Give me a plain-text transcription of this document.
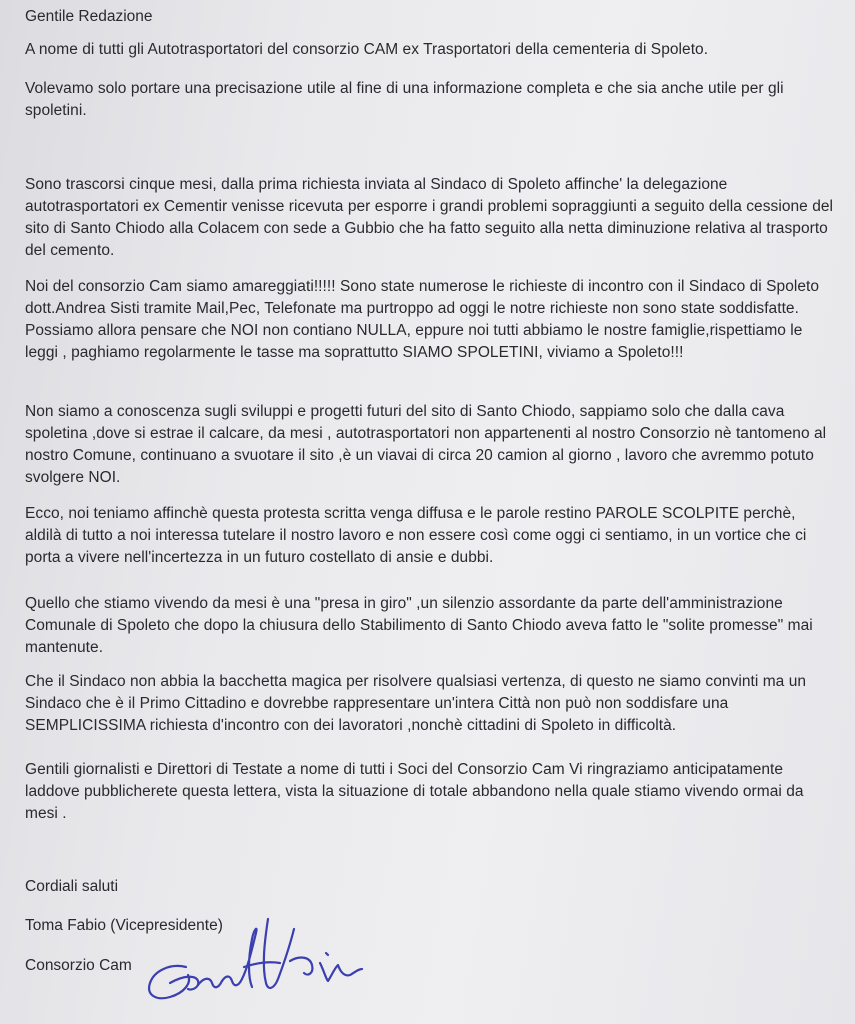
Gentile Redazione

A nome di tutti gli Autotrasportatori del consorzio CAM ex Trasportatori della cementeria di Spoleto.

Volevamo solo portare una precisazione utile al fine di una informazione completa e che sia anche utile per gli spoletini.

Sono trascorsi cinque mesi, dalla prima richiesta inviata al Sindaco di Spoleto affinche' la delegazione autotrasportatori ex Cementir venisse ricevuta per esporre i grandi problemi sopraggiunti a seguito della cessione del sito di Santo Chiodo alla Colacem con sede a Gubbio che ha fatto seguito alla netta diminuzione relativa al trasporto del cemento.

Noi del consorzio Cam siamo amareggiati!!!!! Sono state numerose le richieste di incontro con il Sindaco di Spoleto dott.Andrea Sisti tramite Mail,Pec, Telefonate ma purtroppo ad oggi le notre richieste non sono state soddisfatte. Possiamo allora pensare che NOI non contiano NULLA, eppure noi tutti abbiamo le nostre famiglie,rispettiamo le leggi , paghiamo regolarmente le tasse ma soprattutto SIAMO SPOLETINI, viviamo a Spoleto!!!

Non siamo a conoscenza sugli sviluppi e progetti futuri del sito di Santo Chiodo, sappiamo solo che dalla cava spoletina ,dove si estrae il calcare, da mesi , autotrasportatori non appartenenti al nostro Consorzio nè tantomeno al nostro Comune, continuano a svuotare il sito ,è un viavai di circa 20 camion al giorno , lavoro che avremmo potuto svolgere NOI.

Ecco, noi teniamo affinchè questa protesta scritta venga diffusa e le parole restino PAROLE SCOLPITE perchè, aldilà di tutto a noi interessa tutelare il nostro lavoro e non essere così come oggi ci sentiamo, in un vortice che ci porta a vivere nell'incertezza in un futuro costellato di ansie e dubbi.

Quello che stiamo vivendo da mesi è una "presa in giro" ,un silenzio assordante da parte dell'amministrazione Comunale di Spoleto che dopo la chiusura dello Stabilimento di Santo Chiodo aveva fatto le "solite promesse" mai mantenute.

Che il Sindaco non abbia la bacchetta magica per risolvere qualsiasi vertenza, di questo ne siamo convinti ma un Sindaco che è il Primo Cittadino e dovrebbe rappresentare un'intera Città non può non soddisfare una SEMPLICISSIMA richiesta d'incontro con dei lavoratori ,nonchè cittadini di Spoleto in difficoltà.

Gentili giornalisti e Direttori di Testate a nome di tutti i Soci del Consorzio Cam Vi ringraziamo anticipatamente laddove pubblicherete questa lettera, vista la situazione di totale abbandono nella quale stiamo vivendo ormai da mesi .

Cordiali saluti
Toma Fabio (Vicepresidente)
Consorzio Cam
